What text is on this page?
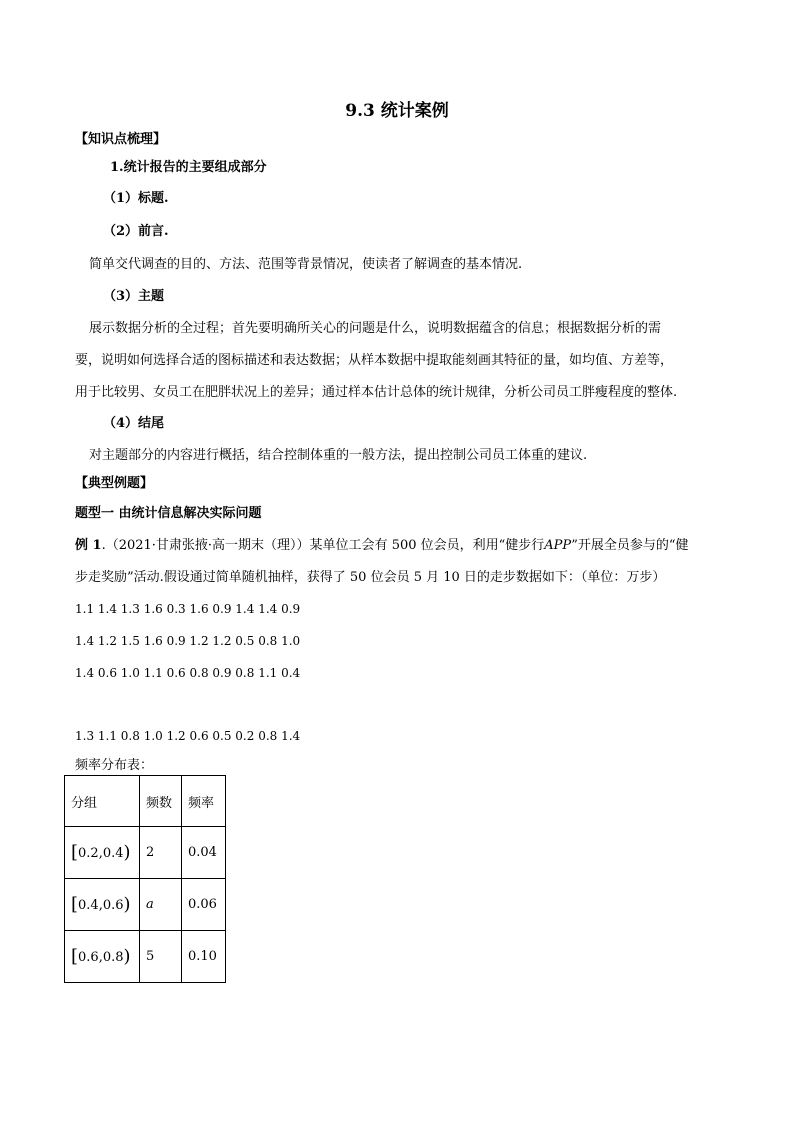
9.3 统计案例
【知识点梳理】
1.统计报告的主要组成部分
（1）标题.
（2）前言.
简单交代调查的目的、方法、范围等背景情况，使读者了解调查的基本情况.
（3）主题
展示数据分析的全过程；首先要明确所关心的问题是什么，说明数据蕴含的信息；根据数据分析的需
要，说明如何选择合适的图标描述和表达数据；从样本数据中提取能刻画其特征的量，如均值、方差等，
用于比较男、女员工在肥胖状况上的差异；通过样本估计总体的统计规律，分析公司员工胖瘦程度的整体.
（4）结尾
对主题部分的内容进行概括，结合控制体重的一般方法，提出控制公司员工体重的建议.
【典型例题】
题型一 由统计信息解决实际问题
例 1.（2021·甘肃张掖·高一期末（理））某单位工会有 500 位会员，利用“健步行APP”开展全员参与的“健
步走奖励”活动.假设通过简单随机抽样，获得了 50 位会员 5 月 10 日的走步数据如下：（单位：万步）
1.1 1.4 1.3 1.6 0.3 1.6 0.9 1.4 1.4 0.9
1.4 1.2 1.5 1.6 0.9 1.2 1.2 0.5 0.8 1.0
1.4 0.6 1.0 1.1 0.6 0.8 0.9 0.8 1.1 0.4
1.3 1.1 0.8 1.0 1.2 0.6 0.5 0.2 0.8 1.4
频率分布表：
分组	频数	频率
[0.2,0.4)	2	0.04
[0.4,0.6)	a	0.06
[0.6,0.8)	5	0.10
